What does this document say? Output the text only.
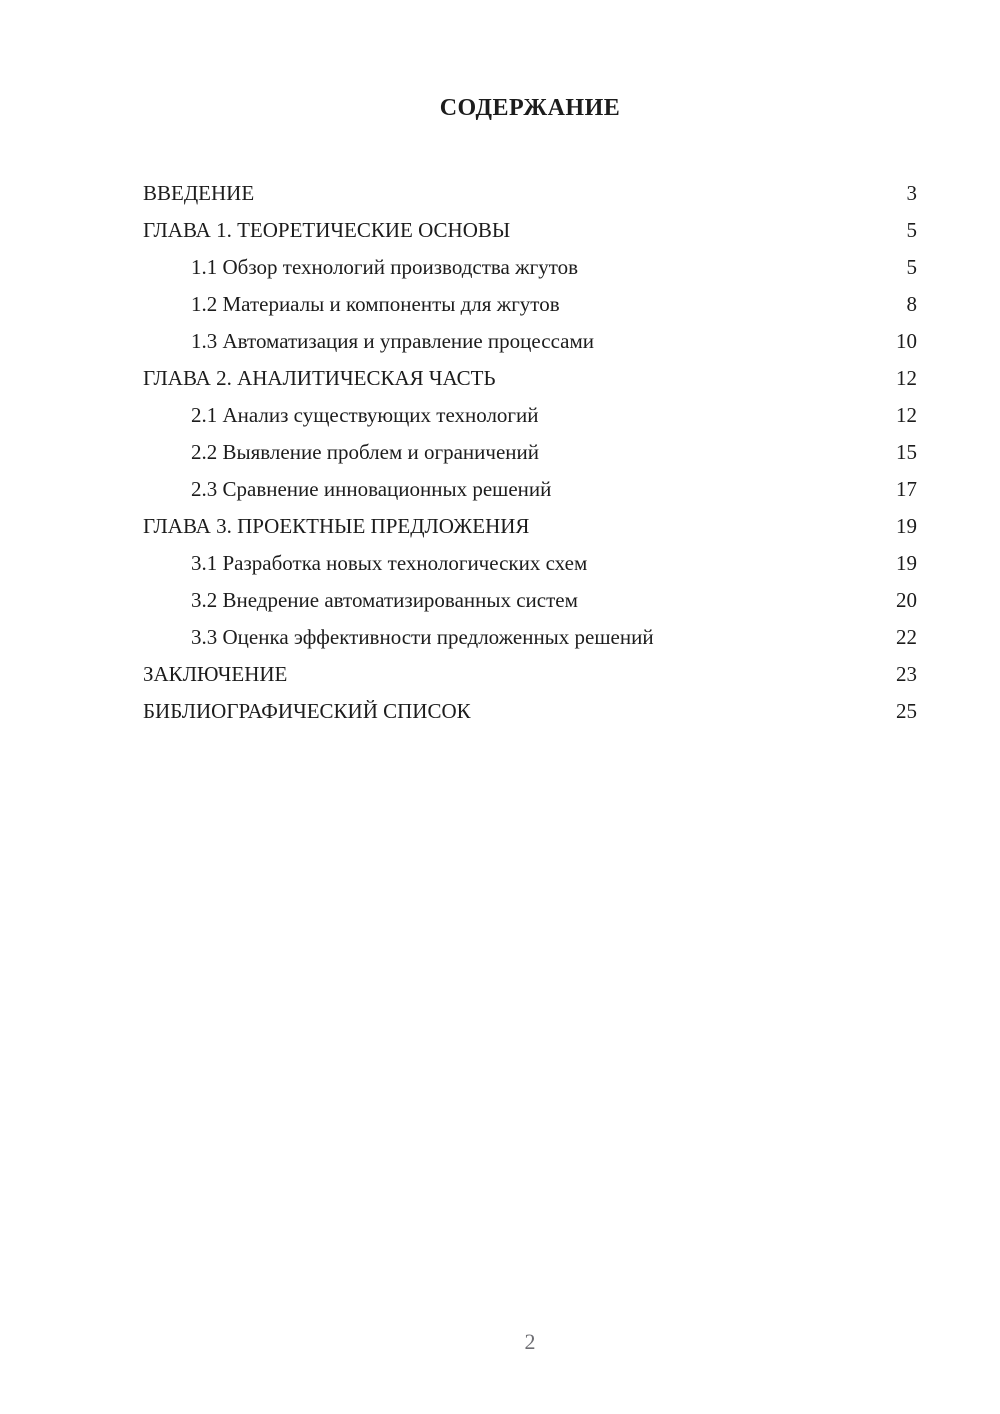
СОДЕРЖАНИЕ
ВВЕДЕНИЕ	3
ГЛАВА 1. ТЕОРЕТИЧЕСКИЕ ОСНОВЫ	5
1.1 Обзор технологий производства жгутов	5
1.2 Материалы и компоненты для жгутов	8
1.3 Автоматизация и управление процессами	10
ГЛАВА 2. АНАЛИТИЧЕСКАЯ ЧАСТЬ	12
2.1 Анализ существующих технологий	12
2.2 Выявление проблем и ограничений	15
2.3 Сравнение инновационных решений	17
ГЛАВА 3. ПРОЕКТНЫЕ ПРЕДЛОЖЕНИЯ	19
3.1 Разработка новых технологических схем	19
3.2 Внедрение автоматизированных систем	20
3.3 Оценка эффективности предложенных решений	22
ЗАКЛЮЧЕНИЕ	23
БИБЛИОГРАФИЧЕСКИЙ СПИСОК	25
2
